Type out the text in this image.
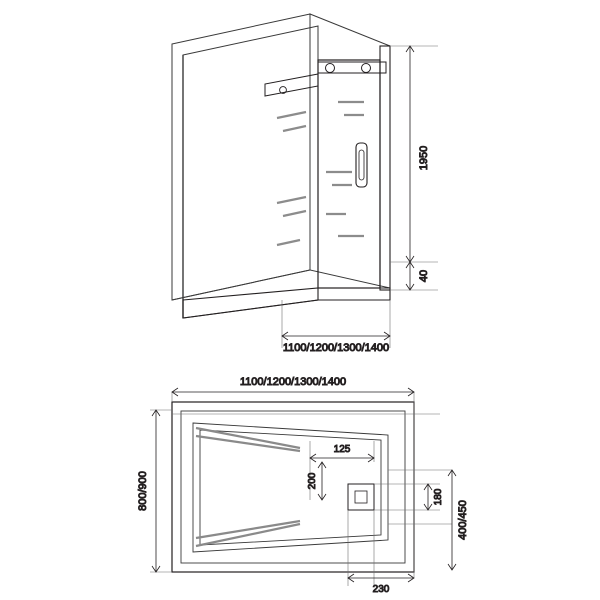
1950
40
1100/1200/1300/1400
1100/1200/1300/1400
800/900
125
200
180
400/450
230
